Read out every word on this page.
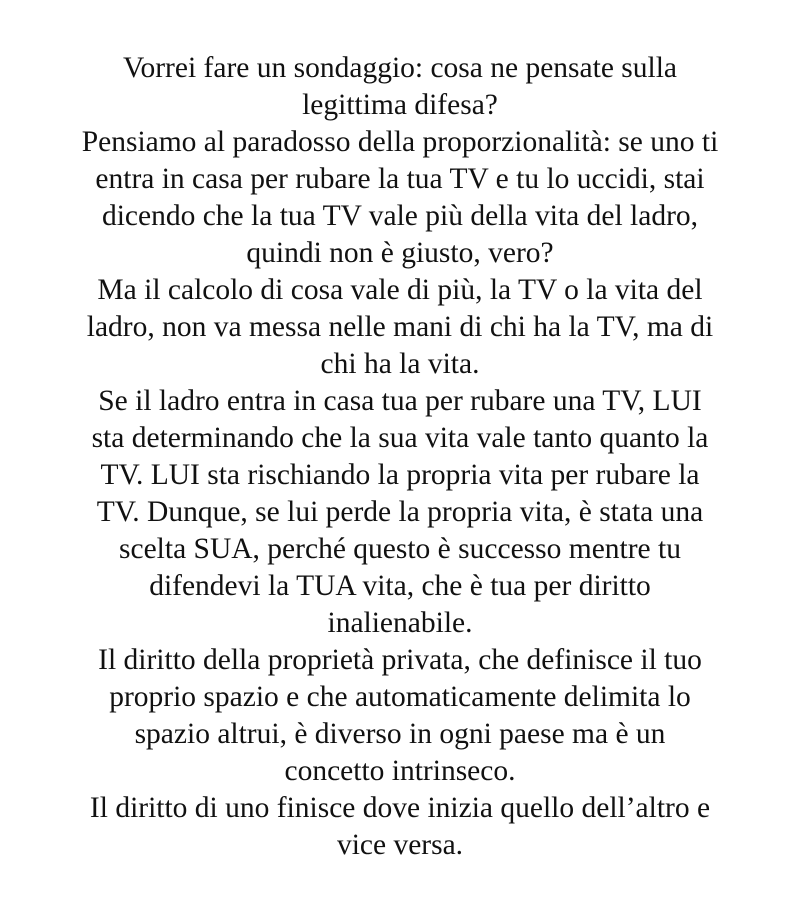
Vorrei fare un sondaggio: cosa ne pensate sulla
legittima difesa?
Pensiamo al paradosso della proporzionalità: se uno ti
entra in casa per rubare la tua TV e tu lo uccidi, stai
dicendo che la tua TV vale più della vita del ladro,
quindi non è giusto, vero?
Ma il calcolo di cosa vale di più, la TV o la vita del
ladro, non va messa nelle mani di chi ha la TV, ma di
chi ha la vita.
Se il ladro entra in casa tua per rubare una TV, LUI
sta determinando che la sua vita vale tanto quanto la
TV. LUI sta rischiando la propria vita per rubare la
TV. Dunque, se lui perde la propria vita, è stata una
scelta SUA, perché questo è successo mentre tu
difendevi la TUA vita, che è tua per diritto
inalienabile.
Il diritto della proprietà privata, che definisce il tuo
proprio spazio e che automaticamente delimita lo
spazio altrui, è diverso in ogni paese ma è un
concetto intrinseco.
Il diritto di uno finisce dove inizia quello dell’altro e
vice versa.
